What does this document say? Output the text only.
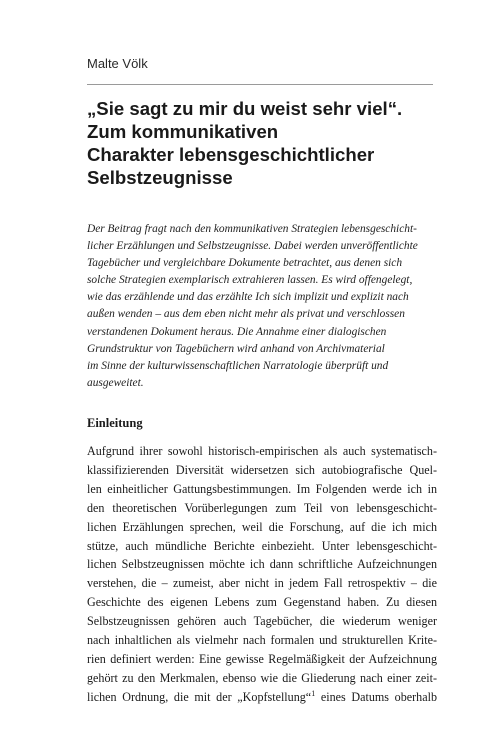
Malte Völk
„Sie sagt zu mir du weist sehr viel“.
Zum kommunikativen
Charakter lebensgeschichtlicher
Selbstzeugnisse
Der Beitrag fragt nach den kommunikativen Strategien lebensgeschicht-
licher Erzählungen und Selbstzeugnisse. Dabei werden unveröffentlichte
Tagebücher und vergleichbare Dokumente betrachtet, aus denen sich
solche Strategien exemplarisch extrahieren lassen. Es wird offengelegt,
wie das erzählende und das erzählte Ich sich implizit und explizit nach
außen wenden – aus dem eben nicht mehr als privat und verschlossen
verstandenen Dokument heraus. Die Annahme einer dialogischen
Grundstruktur von Tagebüchern wird anhand von Archivmaterial
im Sinne der kulturwissenschaftlichen Narratologie überprüft und
ausgeweitet.
Einleitung
Aufgrund ihrer sowohl historisch-empirischen als auch systematisch-
klassifizierenden Diversität widersetzen sich autobiografische Quel-
len einheitlicher Gattungsbestimmungen. Im Folgenden werde ich in
den theoretischen Vorüberlegungen zum Teil von lebensgeschicht-
lichen Erzählungen sprechen, weil die Forschung, auf die ich mich
stütze, auch mündliche Berichte einbezieht. Unter lebensgeschicht-
lichen Selbstzeugnissen möchte ich dann schriftliche Aufzeichnungen
verstehen, die – zumeist, aber nicht in jedem Fall retrospektiv – die
Geschichte des eigenen Lebens zum Gegenstand haben. Zu diesen
Selbstzeugnissen gehören auch Tagebücher, die wiederum weniger
nach inhaltlichen als vielmehr nach formalen und strukturellen Krite-
rien definiert werden: Eine gewisse Regelmäßigkeit der Aufzeichnung
gehört zu den Merkmalen, ebenso wie die Gliederung nach einer zeit-
lichen Ordnung, die mit der „Kopfstellung“$^1$ eines Datums oberhalb
